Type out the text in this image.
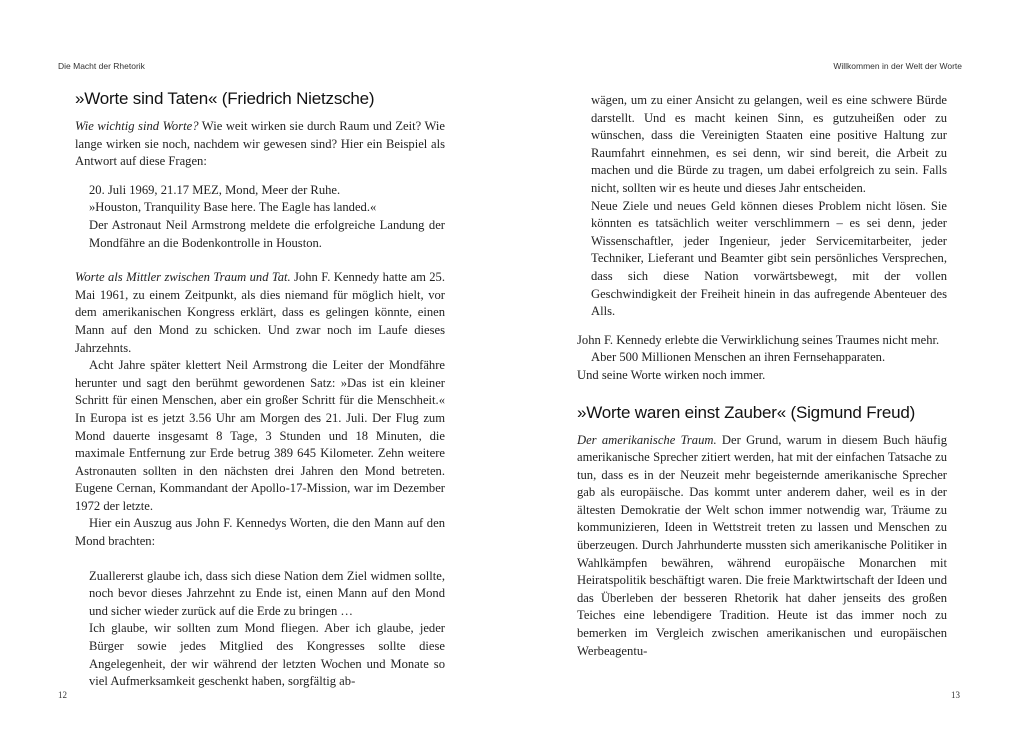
Die Macht der Rhetorik
»Worte sind Taten« (Friedrich Nietzsche)

Wie wichtig sind Worte? Wie weit wirken sie durch Raum und Zeit? Wie lange wirken sie noch, nachdem wir gewesen sind? Hier ein Beispiel als Antwort auf diese Fragen:

20. Juli 1969, 21.17 MEZ, Mond, Meer der Ruhe.

»Houston, Tranquility Base here. The Eagle has landed.«

Der Astronaut Neil Armstrong meldete die erfolgreiche Landung der Mondfähre an die Bodenkontrolle in Houston.

Worte als Mittler zwischen Traum und Tat. John F. Kennedy hatte am 25. Mai 1961, zu einem Zeitpunkt, als dies niemand für möglich hielt, vor dem amerikanischen Kongress erklärt, dass es gelingen könnte, einen Mann auf den Mond zu schicken. Und zwar noch im Laufe dieses Jahrzehnts.

Acht Jahre später klettert Neil Armstrong die Leiter der Mondfähre herunter und sagt den berühmt gewordenen Satz: »Das ist ein kleiner Schritt für einen Menschen, aber ein großer Schritt für die Menschheit.« In Europa ist es jetzt 3.56 Uhr am Morgen des 21. Juli. Der Flug zum Mond dauerte insgesamt 8 Tage, 3 Stunden und 18 Minuten, die maximale Entfernung zur Erde betrug 389 645 Kilometer. Zehn weitere Astronauten sollten in den nächsten drei Jahren den Mond betreten. Eugene Cernan, Kommandant der Apollo-17-Mission, war im Dezember 1972 der letzte.

Hier ein Auszug aus John F. Kennedys Worten, die den Mann auf den Mond brachten:

Zuallererst glaube ich, dass sich diese Nation dem Ziel widmen sollte, noch bevor dieses Jahrzehnt zu Ende ist, einen Mann auf den Mond und sicher wieder zurück auf die Erde zu bringen …

Ich glaube, wir sollten zum Mond fliegen. Aber ich glaube, jeder Bürger sowie jedes Mitglied des Kongresses sollte diese Angelegenheit, der wir während der letzten Wochen und Monate so viel Aufmerksamkeit geschenkt haben, sorgfältig ab-

12
Willkommen in der Welt der Worte

wägen, um zu einer Ansicht zu gelangen, weil es eine schwere Bürde darstellt. Und es macht keinen Sinn, es gutzuheißen oder zu wünschen, dass die Vereinigten Staaten eine positive Haltung zur Raumfahrt einnehmen, es sei denn, wir sind bereit, die Arbeit zu machen und die Bürde zu tragen, um dabei erfolgreich zu sein. Falls nicht, sollten wir es heute und dieses Jahr entscheiden.

Neue Ziele und neues Geld können dieses Problem nicht lösen. Sie könnten es tatsächlich weiter verschlimmern – es sei denn, jeder Wissenschaftler, jeder Ingenieur, jeder Servicemitarbeiter, jeder Techniker, Lieferant und Beamter gibt sein persönliches Versprechen, dass sich diese Nation vorwärtsbewegt, mit der vollen Geschwindigkeit der Freiheit hinein in das aufregende Abenteuer des Alls.

John F. Kennedy erlebte die Verwirklichung seines Traumes nicht mehr.

Aber 500 Millionen Menschen an ihren Fernsehapparaten.

Und seine Worte wirken noch immer.

»Worte waren einst Zauber« (Sigmund Freud)

Der amerikanische Traum. Der Grund, warum in diesem Buch häufig amerikanische Sprecher zitiert werden, hat mit der einfachen Tatsache zu tun, dass es in der Neuzeit mehr begeisternde amerikanische Sprecher gab als europäische. Das kommt unter anderem daher, weil es in der ältesten Demokratie der Welt schon immer notwendig war, Träume zu kommunizieren, Ideen in Wettstreit treten zu lassen und Menschen zu überzeugen. Durch Jahrhunderte mussten sich amerikanische Politiker in Wahlkämpfen bewähren, während europäische Monarchen mit Heiratspolitik beschäftigt waren. Die freie Marktwirtschaft der Ideen und das Überleben der besseren Rhetorik hat daher jenseits des großen Teiches eine lebendigere Tradition. Heute ist das immer noch zu bemerken im Vergleich zwischen amerikanischen und europäischen Werbeagentu-

13
